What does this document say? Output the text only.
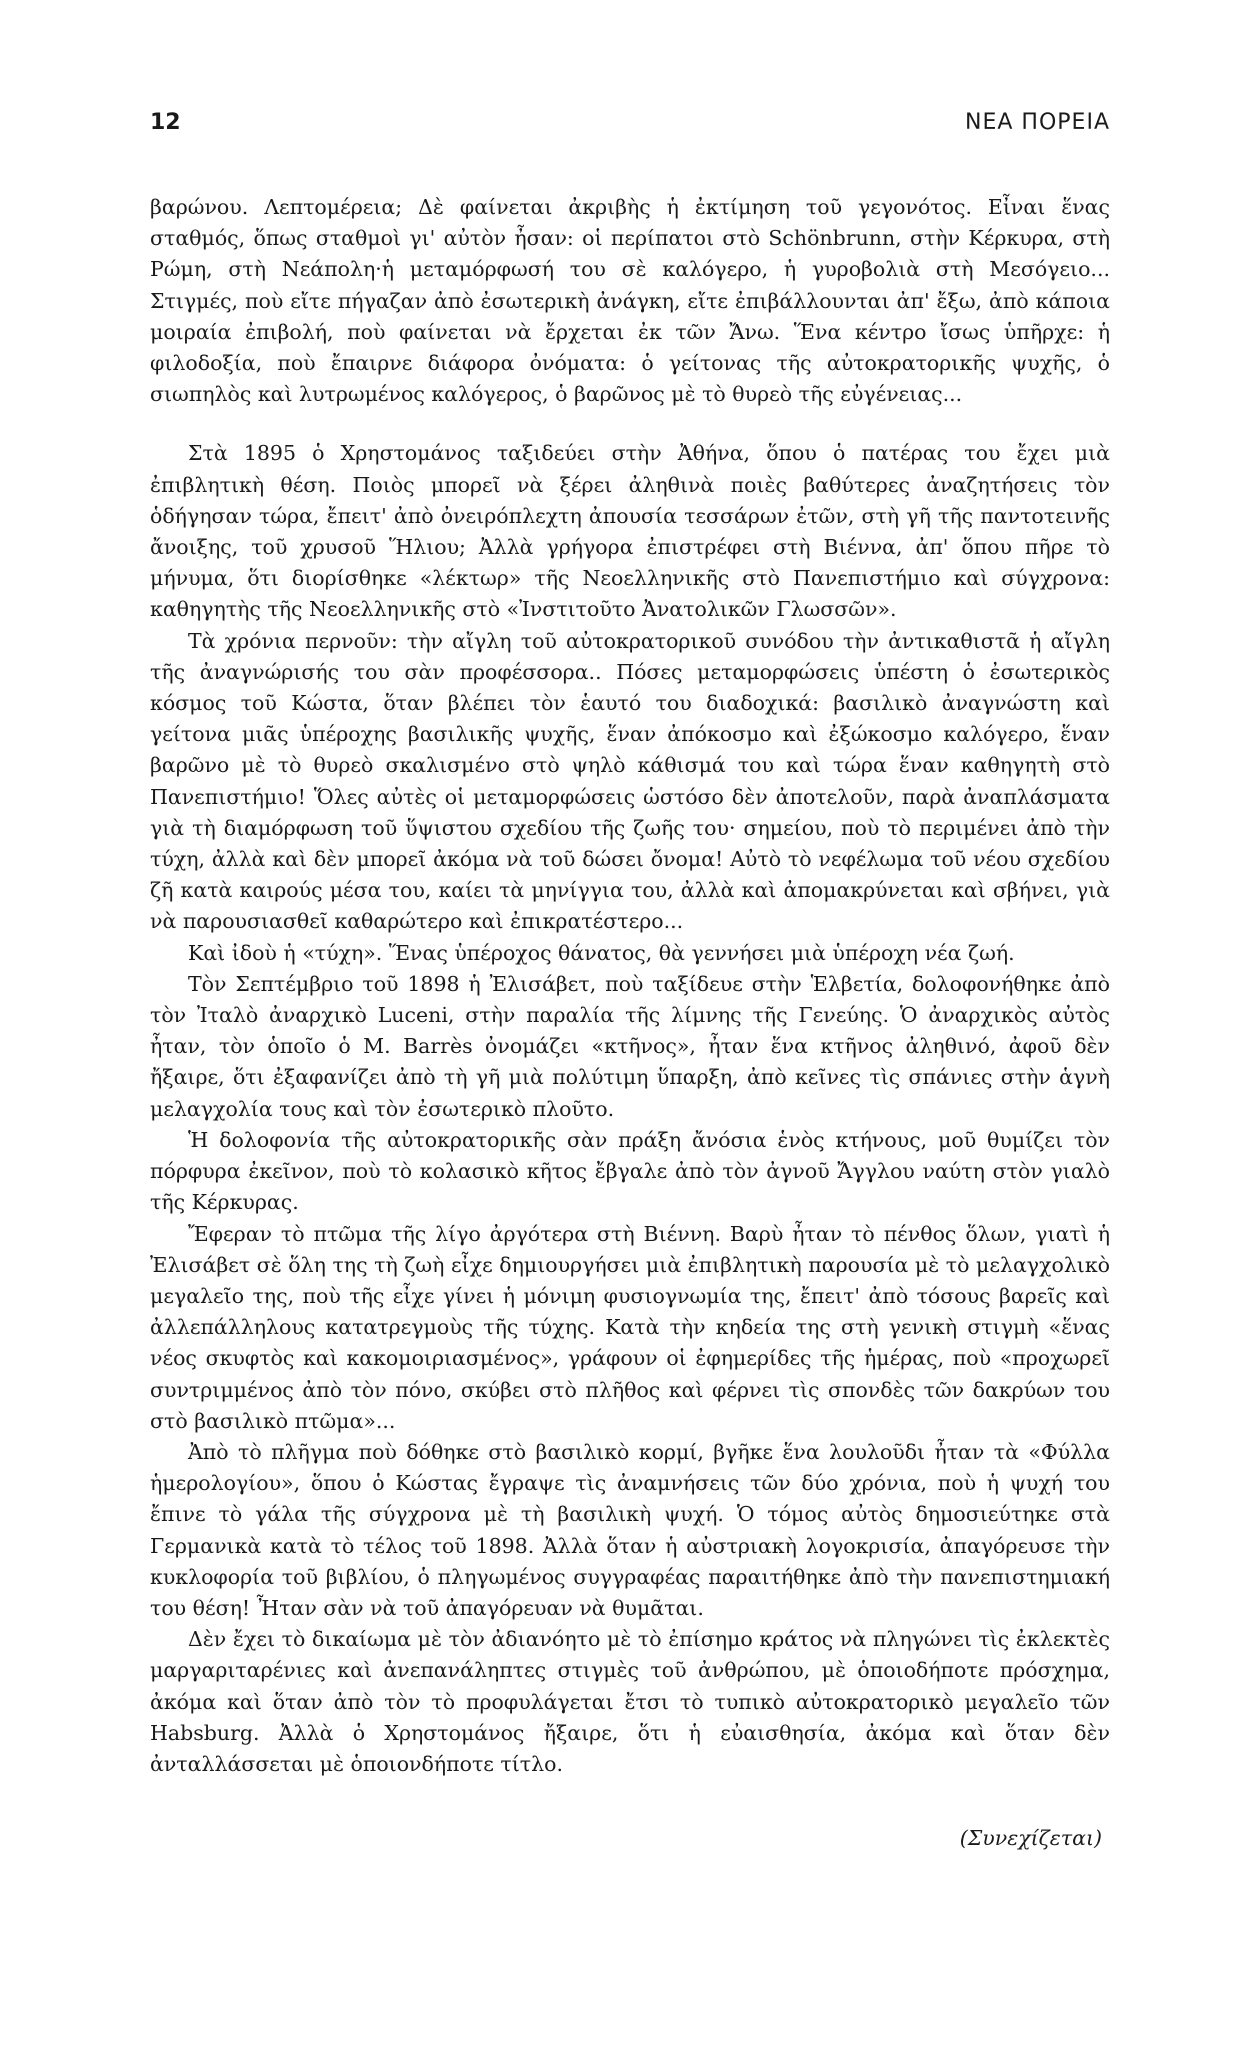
12	ΝΕΑ ΠΟΡΕΙΑ

βαρώνου. Λεπτομέρεια; Δὲ φαίνεται ἀκριβὴς ἡ ἐκτίμηση τοῦ γεγονότος. Εἶναι ἕνας σταθμός, ὅπως σταθμοὶ γι' αὐτὸν ἦσαν: οἱ περίπατοι στὸ Schönbrunn, στὴν Κέρκυρα, στὴ Ρώμη, στὴ Νεάπολη·ἡ μεταμόρφωσή του σὲ καλόγερο, ἡ γυροβολιὰ στὴ Μεσόγειο... Στιγμές, ποὺ εἴτε πήγαζαν ἀπὸ ἐσωτερικὴ ἀνάγκη, εἴτε ἐπιβάλλουνται ἀπ' ἔξω, ἀπὸ κάποια μοιραία ἐπιβολή, ποὺ φαίνεται νὰ ἔρχεται ἐκ τῶν Ἄνω. Ἕνα κέντρο ἴσως ὑπῆρχε: ἡ φιλοδοξία, ποὺ ἔπαιρνε διάφορα ὀνόματα: ὁ γείτονας τῆς αὐτοκρατορικῆς ψυχῆς, ὁ σιωπηλὸς καὶ λυτρωμένος καλόγερος, ὁ βαρῶνος μὲ τὸ θυρεὸ τῆς εὐγένειας...

Στὰ 1895 ὁ Χρηστομάνος ταξιδεύει στὴν Ἀθήνα, ὅπου ὁ πατέρας του ἔχει μιὰ ἐπιβλητικὴ θέση. Ποιὸς μπορεῖ νὰ ξέρει ἀληθινὰ ποιὲς βαθύτερες ἀναζητήσεις τὸν ὁδήγησαν τώρα, ἔπειτ' ἀπὸ ὀνειρόπλεχτη ἀπουσία τεσσάρων ἐτῶν, στὴ γῆ τῆς παντοτεινῆς ἄνοιξης, τοῦ χρυσοῦ Ἥλιου; Ἀλλὰ γρήγορα ἐπιστρέφει στὴ Βιέννα, ἀπ' ὅπου πῆρε τὸ μήνυμα, ὅτι διορίσθηκε «λέκτωρ» τῆς Νεοελληνικῆς στὸ Πανεπιστήμιο καὶ σύγχρονα: καθηγητὴς τῆς Νεοελληνικῆς στὸ «Ἰνστιτοῦτο Ἀνατολικῶν Γλωσσῶν».

Τὰ χρόνια περνοῦν: τὴν αἴγλη τοῦ αὐτοκρατορικοῦ συνόδου τὴν ἀντικαθιστᾶ ἡ αἴγλη τῆς ἀναγνώρισής του σὰν προφέσσορα.. Πόσες μεταμορφώσεις ὑπέστη ὁ ἐσωτερικὸς κόσμος τοῦ Κώστα, ὅταν βλέπει τὸν ἑαυτό του διαδοχικά: βασιλικὸ ἀναγνώστη καὶ γείτονα μιᾶς ὑπέροχης βασιλικῆς ψυχῆς, ἕναν ἀπόκοσμο καὶ ἐξώκοσμο καλόγερο, ἕναν βαρῶνο μὲ τὸ θυρεὸ σκαλισμένο στὸ ψηλὸ κάθισμά του καὶ τώρα ἕναν καθηγητὴ στὸ Πανεπιστήμιο! Ὅλες αὐτὲς οἱ μεταμορφώσεις ὡστόσο δὲν ἀποτελοῦν, παρὰ ἀναπλάσματα γιὰ τὴ διαμόρφωση τοῦ ὕψιστου σχεδίου τῆς ζωῆς του· σημείου, ποὺ τὸ περιμένει ἀπὸ τὴν τύχη, ἀλλὰ καὶ δὲν μπορεῖ ἀκόμα νὰ τοῦ δώσει ὄνομα! Αὐτὸ τὸ νεφέλωμα τοῦ νέου σχεδίου ζῆ κατὰ καιρούς μέσα του, καίει τὰ μηνίγγια του, ἀλλὰ καὶ ἀπομακρύνεται καὶ σβήνει, γιὰ νὰ παρουσιασθεῖ καθαρώτερο καὶ ἐπικρατέστερο...

Καὶ ἰδοὺ ἡ «τύχη». Ἕνας ὑπέροχος θάνατος, θὰ γεννήσει μιὰ ὑπέροχη νέα ζωή.

Τὸν Σεπτέμβριο τοῦ 1898 ἡ Ἐλισάβετ, ποὺ ταξίδευε στὴν Ἑλβετία, δολοφονήθηκε ἀπὸ τὸν Ἰταλὸ ἀναρχικὸ Luceni, στὴν παραλία τῆς λίμνης τῆς Γενεύης. Ὁ ἀναρχικὸς αὐτὸς ἦταν, τὸν ὁποῖο ὁ M. Barrès ὀνομάζει «κτῆνος», ἦταν ἕνα κτῆνος ἀληθινό, ἀφοῦ δὲν ἤξαιρε, ὅτι ἐξαφανίζει ἀπὸ τὴ γῆ μιὰ πολύτιμη ὕπαρξη, ἀπὸ κεῖνες τὶς σπάνιες στὴν ἁγνὴ μελαγχολία τους καὶ τὸν ἐσωτερικὸ πλοῦτο.

Ἡ δολοφονία τῆς αὐτοκρατορικῆς σὰν πράξη ἄνόσια ἑνὸς κτήνους, μοῦ θυμίζει τὸν πόρφυρα ἐκεῖνον, ποὺ τὸ κολασικὸ κῆτος ἔβγαλε ἀπὸ τὸν ἀγνοῦ Ἄγγλου ναύτη στὸν γιαλὸ τῆς Κέρκυρας.

Ἔφεραν τὸ πτῶμα τῆς λίγο ἀργότερα στὴ Βιέννη. Βαρὺ ἦταν τὸ πένθος ὅλων, γιατὶ ἡ Ἐλισάβετ σὲ ὅλη της τὴ ζωὴ εἶχε δημιουργήσει μιὰ ἐπιβλητικὴ παρουσία μὲ τὸ μελαγχολικὸ μεγαλεῖο της, ποὺ τῆς εἶχε γίνει ἡ μόνιμη φυσιογνωμία της, ἔπειτ' ἀπὸ τόσους βαρεῖς καὶ ἀλλεπάλληλους κατατρεγμοὺς τῆς τύχης. Κατὰ τὴν κηδεία της στὴ γενικὴ στιγμὴ «ἕνας νέος σκυφτὸς καὶ κακομοιριασμένος», γράφουν οἱ ἐφημερίδες τῆς ἡμέρας, ποὺ «προχωρεῖ συντριμμένος ἀπὸ τὸν πόνο, σκύβει στὸ πλῆθος καὶ φέρνει τὶς σπονδὲς τῶν δακρύων του στὸ βασιλικὸ πτῶμα»...

Ἀπὸ τὸ πλῆγμα ποὺ δόθηκε στὸ βασιλικὸ κορμί, βγῆκε ἕνα λουλοῦδι ἦταν τὰ «Φύλλα ἡμερολογίου», ὅπου ὁ Κώστας ἔγραψε τὶς ἀναμνήσεις τῶν δύο χρόνια, ποὺ ἡ ψυχή του ἔπινε τὸ γάλα τῆς σύγχρονα μὲ τὴ βασιλικὴ ψυχή. Ὁ τόμος αὐτὸς δημοσιεύτηκε στὰ Γερμανικὰ κατὰ τὸ τέλος τοῦ 1898. Ἀλλὰ ὅταν ἡ αὐστριακὴ λογοκρισία, ἀπαγόρευσε τὴν κυκλοφορία τοῦ βιβλίου, ὁ πληγωμένος συγγραφέας παραιτήθηκε ἀπὸ τὴν πανεπιστημιακή του θέση! Ἦταν σὰν νὰ τοῦ ἀπαγόρευαν νὰ θυμᾶται.

Δὲν ἔχει τὸ δικαίωμα μὲ τὸν ἀδιανόητο μὲ τὸ ἐπίσημο κράτος νὰ πληγώνει τὶς ἐκλεκτὲς μαργαριταρένιες καὶ ἀνεπανάληπτες στιγμὲς τοῦ ἀνθρώπου, μὲ ὁποιοδήποτε πρόσχημα, ἀκόμα καὶ ὅταν ἀπὸ τὸν τὸ προφυλάγεται ἔτσι τὸ τυπικὸ αὐτοκρατορικὸ μεγαλεῖο τῶν Habsburg. Ἀλλὰ ὁ Χρηστομάνος ἤξαιρε, ὅτι ἡ εὐαισθησία, ἀκόμα καὶ ὅταν δὲν ἀνταλλάσσεται μὲ ὁποιονδήποτε τίτλο.

(Συνεχίζεται)
